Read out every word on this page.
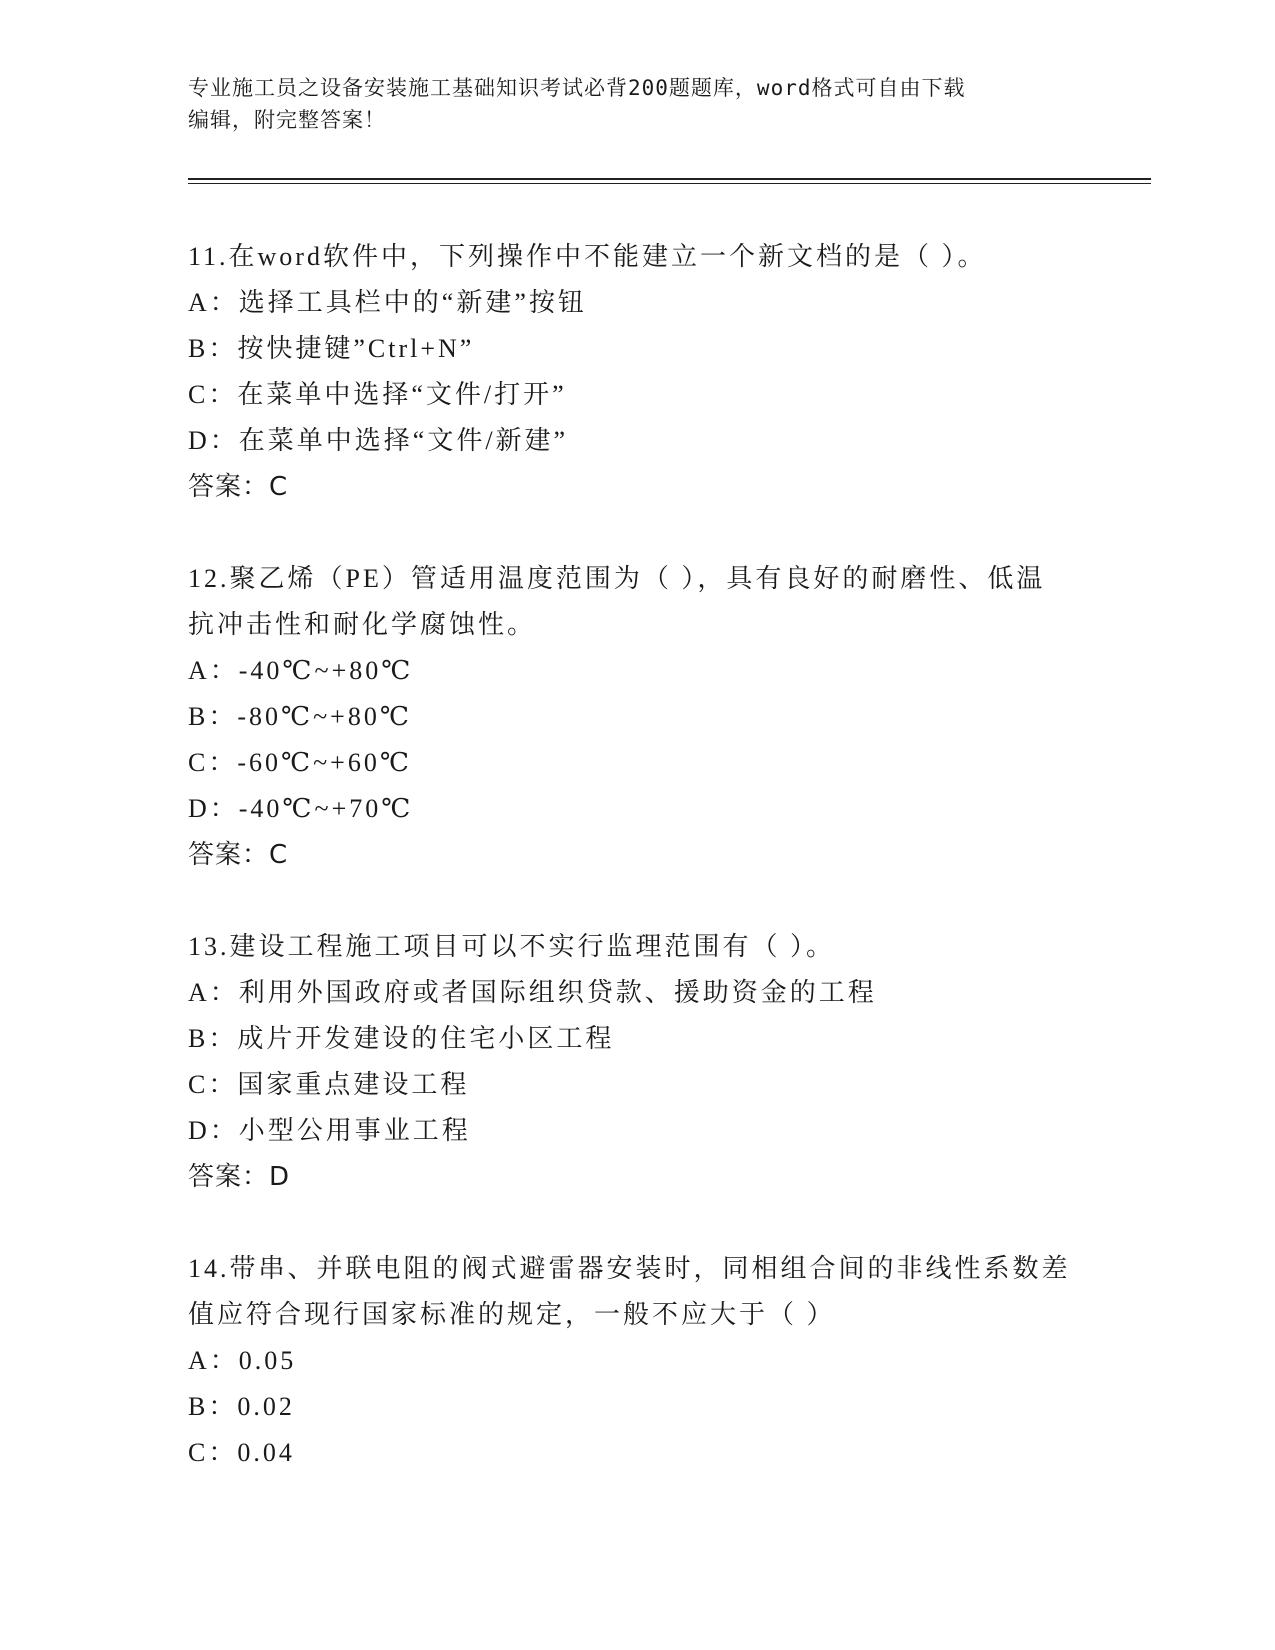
专业施工员之设备安装施工基础知识考试必背200题题库，word格式可自由下载
编辑，附完整答案！
11.在word软件中，下列操作中不能建立一个新文档的是（ ）。
A：选择工具栏中的“新建”按钮
B：按快捷键”Ctrl+N”
C：在菜单中选择“文件/打开”
D：在菜单中选择“文件/新建”
答案：C
12.聚乙烯（PE）管适用温度范围为（ ），具有良好的耐磨性、低温
抗冲击性和耐化学腐蚀性。
A：-40℃~+80℃
B：-80℃~+80℃
C：-60℃~+60℃
D：-40℃~+70℃
答案：C
13.建设工程施工项目可以不实行监理范围有（ ）。
A：利用外国政府或者国际组织贷款、援助资金的工程
B：成片开发建设的住宅小区工程
C：国家重点建设工程
D：小型公用事业工程
答案：D
14.带串、并联电阻的阀式避雷器安装时，同相组合间的非线性系数差
值应符合现行国家标准的规定，一般不应大于（ ）
A：0.05
B：0.02
C：0.04
